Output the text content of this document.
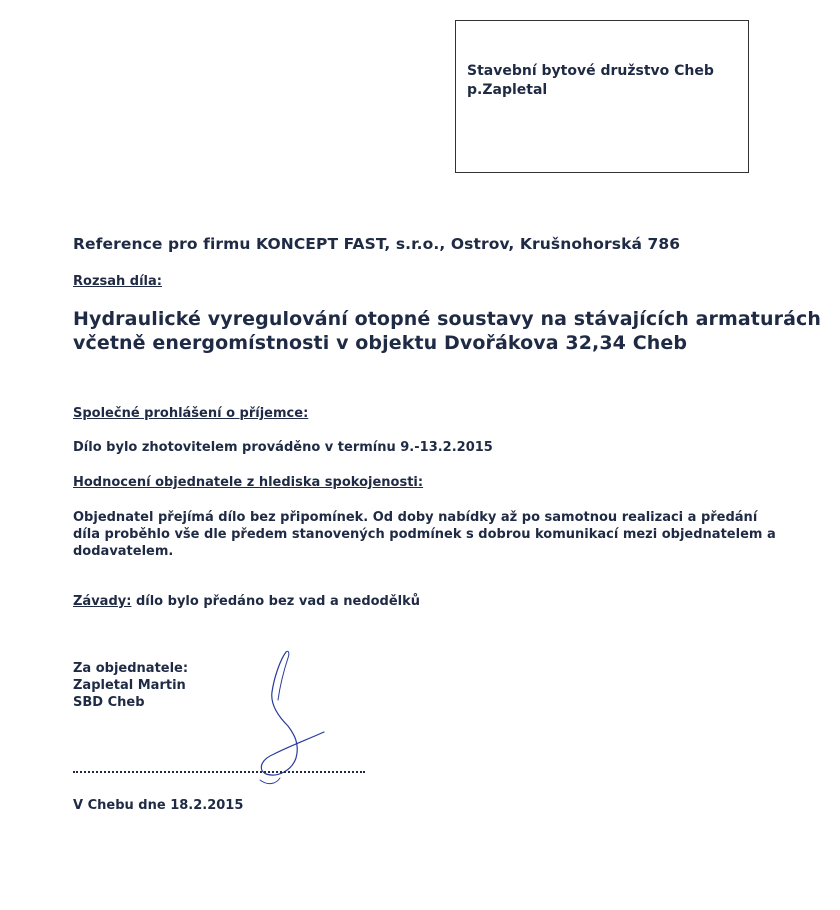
Stavební bytové družstvo Cheb
p.Zapletal
Reference pro firmu KONCEPT FAST, s.r.o., Ostrov, Krušnohorská 786
Rozsah díla:
Hydraulické vyregulování otopné soustavy na stávajících armaturách
včetně energomístnosti v objektu Dvořákova 32,34 Cheb
Společné prohlášení o příjemce:
Dílo bylo zhotovitelem prováděno v termínu 9.-13.2.2015
Hodnocení objednatele z hlediska spokojenosti:
Objednatel přejímá dílo bez připomínek. Od doby nabídky až po samotnou realizaci a předání
díla proběhlo vše dle předem stanovených podmínek s dobrou komunikací mezi objednatelem a
dodavatelem.
Závady: dílo bylo předáno bez vad a nedodělků
Za objednatele:
Zapletal Martin
SBD Cheb
V Chebu dne 18.2.2015
